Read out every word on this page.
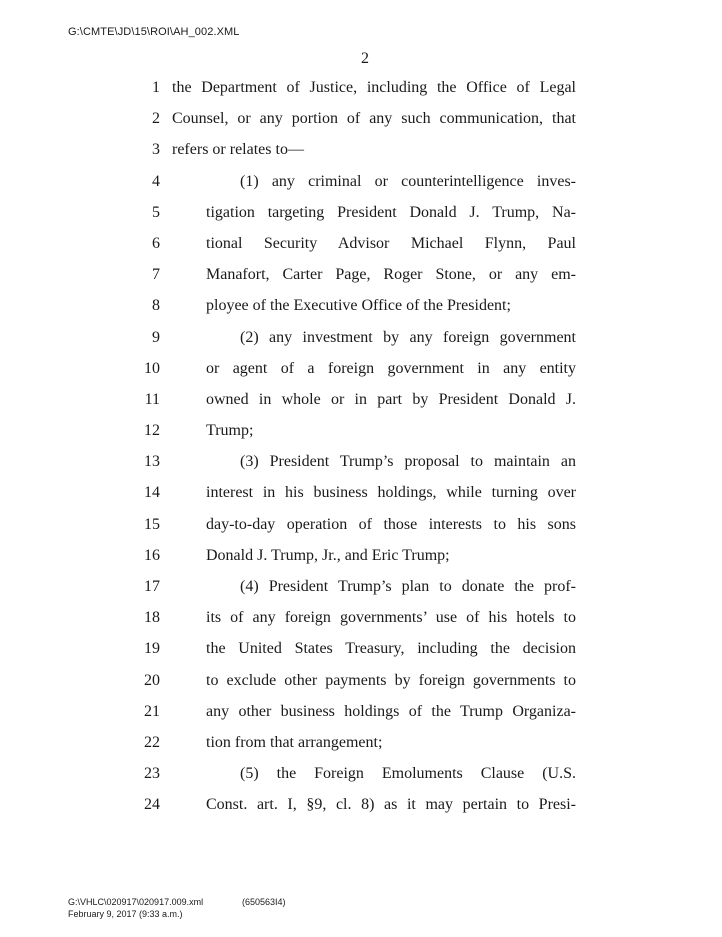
G:\CMTE\JD\15\ROI\AH_002.XML
2
1 the Department of Justice, including the Office of Legal
2 Counsel, or any portion of any such communication, that
3 refers or relates to—
4	(1) any criminal or counterintelligence inves-
5	tigation targeting President Donald J. Trump, Na-
6	tional Security Advisor Michael Flynn, Paul
7	Manafort, Carter Page, Roger Stone, or any em-
8	ployee of the Executive Office of the President;
9	(2) any investment by any foreign government
10	or agent of a foreign government in any entity
11	owned in whole or in part by President Donald J.
12	Trump;
13	(3) President Trump’s proposal to maintain an
14	interest in his business holdings, while turning over
15	day-to-day operation of those interests to his sons
16	Donald J. Trump, Jr., and Eric Trump;
17	(4) President Trump’s plan to donate the prof-
18	its of any foreign governments’ use of his hotels to
19	the United States Treasury, including the decision
20	to exclude other payments by foreign governments to
21	any other business holdings of the Trump Organiza-
22	tion from that arrangement;
23	(5) the Foreign Emoluments Clause (U.S.
24	Const. art. I, §9, cl. 8) as it may pertain to Presi-
G:\VHLC\020917\020917.009.xml	(650563I4)
February 9, 2017 (9:33 a.m.)
